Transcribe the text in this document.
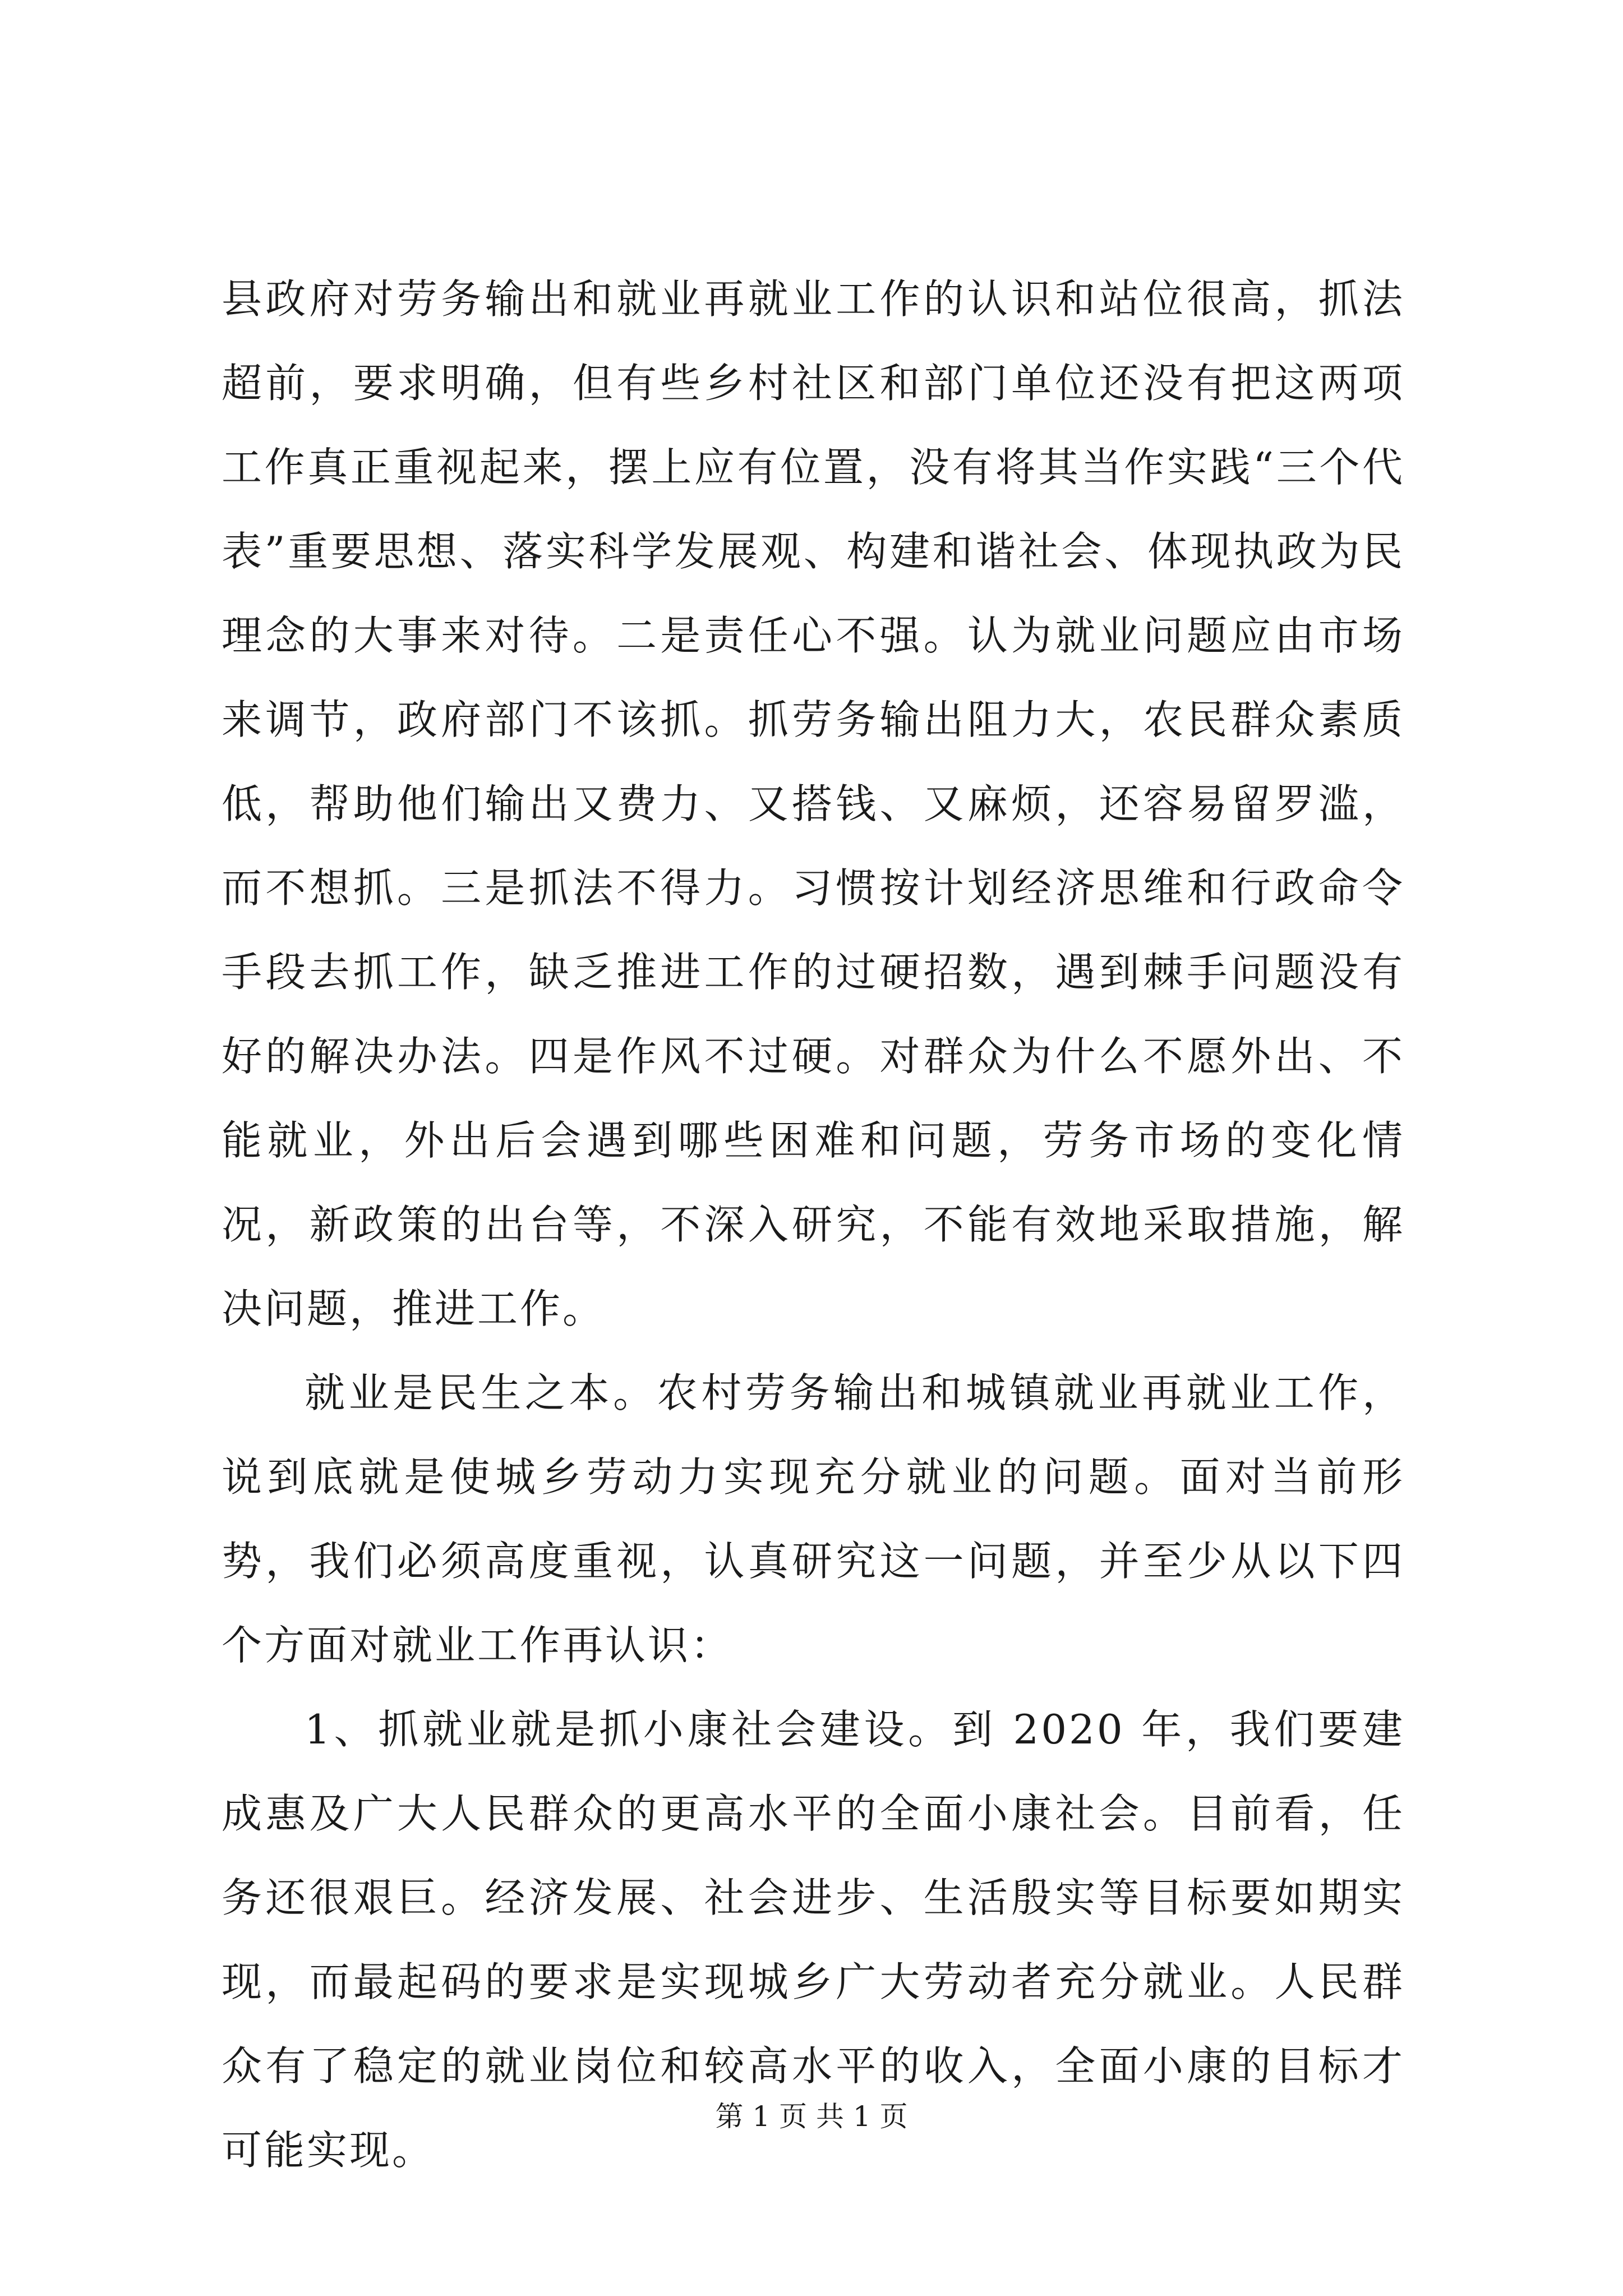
县政府对劳务输出和就业再就业工作的认识和站位很高，抓法超前，要求明确，但有些乡村社区和部门单位还没有把这两项工作真正重视起来，摆上应有位置，没有将其当作实践“三个代表”重要思想、落实科学发展观、构建和谐社会、体现执政为民理念的大事来对待。二是责任心不强。认为就业问题应由市场来调节，政府部门不该抓。抓劳务输出阻力大，农民群众素质低，帮助他们输出又费力、又搭钱、又麻烦，还容易留罗滥，而不想抓。三是抓法不得力。习惯按计划经济思维和行政命令手段去抓工作，缺乏推进工作的过硬招数，遇到棘手问题没有好的解决办法。四是作风不过硬。对群众为什么不愿外出、不能就业，外出后会遇到哪些困难和问题，劳务市场的变化情况，新政策的出台等，不深入研究，不能有效地采取措施，解决问题，推进工作。

就业是民生之本。农村劳务输出和城镇就业再就业工作，说到底就是使城乡劳动力实现充分就业的问题。面对当前形势，我们必须高度重视，认真研究这一问题，并至少从以下四个方面对就业工作再认识：

1、抓就业就是抓小康社会建设。到 2020 年，我们要建成惠及广大人民群众的更高水平的全面小康社会。目前看，任务还很艰巨。经济发展、社会进步、生活殷实等目标要如期实现，而最起码的要求是实现城乡广大劳动者充分就业。人民群众有了稳定的就业岗位和较高水平的收入，全面小康的目标才可能实现。

第 1 页 共 1 页
